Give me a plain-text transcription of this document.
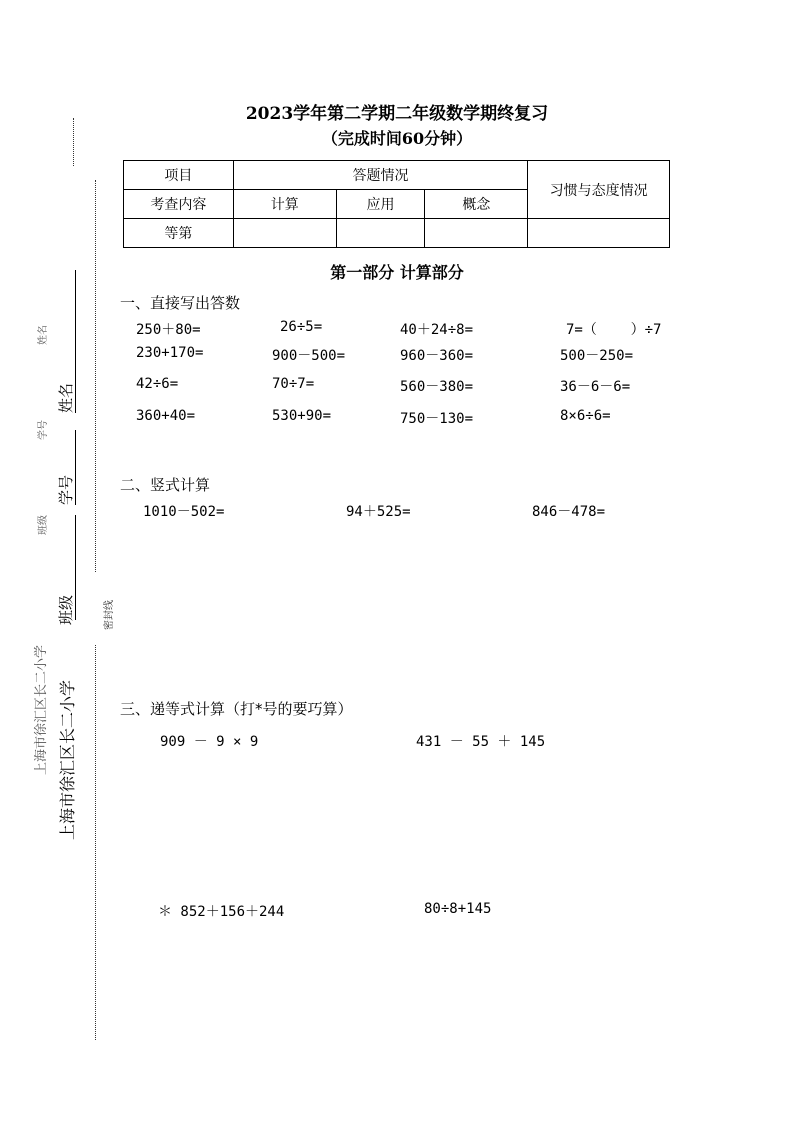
姓名
学号
班级
上海市徐汇区长二小学
姓名
学号
班级
上海市徐汇区长二小学
密封线
2023学年第二学期二年级数学期终复习
（完成时间60分钟）
项目	答题情况			习惯与态度情况
考查内容	计算	应用	概念	
等第				
第一部分 计算部分
一、直接写出答数
250＋80=	26÷5=	40＋24÷8=	7=（    ）÷7
230+170=	900－500=	960－360=	500－250=
42÷6=	70÷7=	560－380=	36－6－6=
360+40=	530+90=	750－130=	8×6÷6=
二、竖式计算
1010－502=	94＋525=	846－478=
三、递等式计算（打*号的要巧算）
909 － 9 × 9	431 － 55 ＋ 145
＊ 852＋156＋244	80÷8+145
